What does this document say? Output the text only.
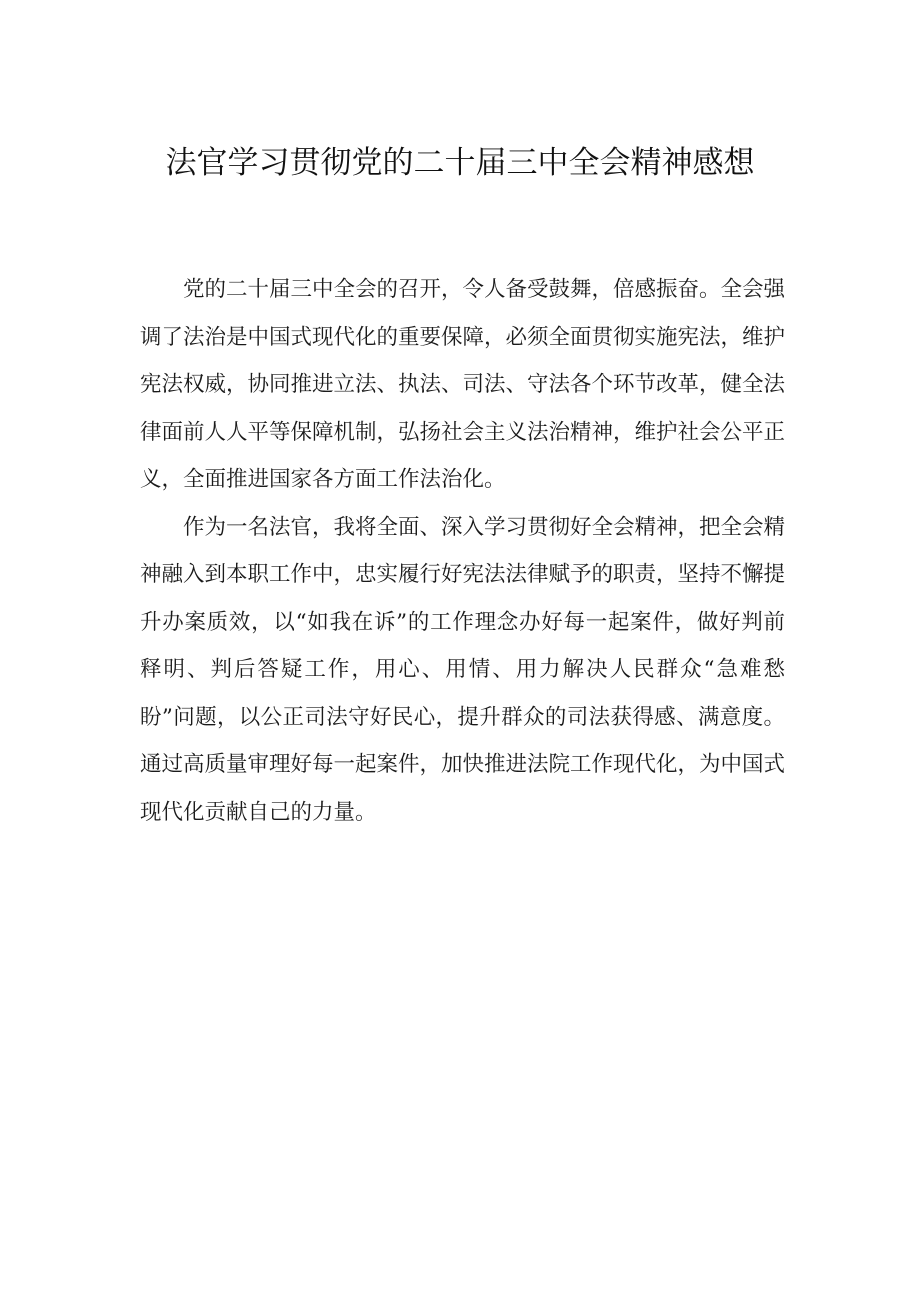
法官学习贯彻党的二十届三中全会精神感想

党的二十届三中全会的召开，令人备受鼓舞，倍感振奋。全会强调了法治是中国式现代化的重要保障，必须全面贯彻实施宪法，维护宪法权威，协同推进立法、执法、司法、守法各个环节改革，健全法律面前人人平等保障机制，弘扬社会主义法治精神，维护社会公平正义，全面推进国家各方面工作法治化。

作为一名法官，我将全面、深入学习贯彻好全会精神，把全会精神融入到本职工作中，忠实履行好宪法法律赋予的职责，坚持不懈提升办案质效，以“如我在诉”的工作理念办好每一起案件，做好判前释明、判后答疑工作，用心、用情、用力解决人民群众“急难愁盼”问题，以公正司法守好民心，提升群众的司法获得感、满意度。通过高质量审理好每一起案件，加快推进法院工作现代化，为中国式现代化贡献自己的力量。
